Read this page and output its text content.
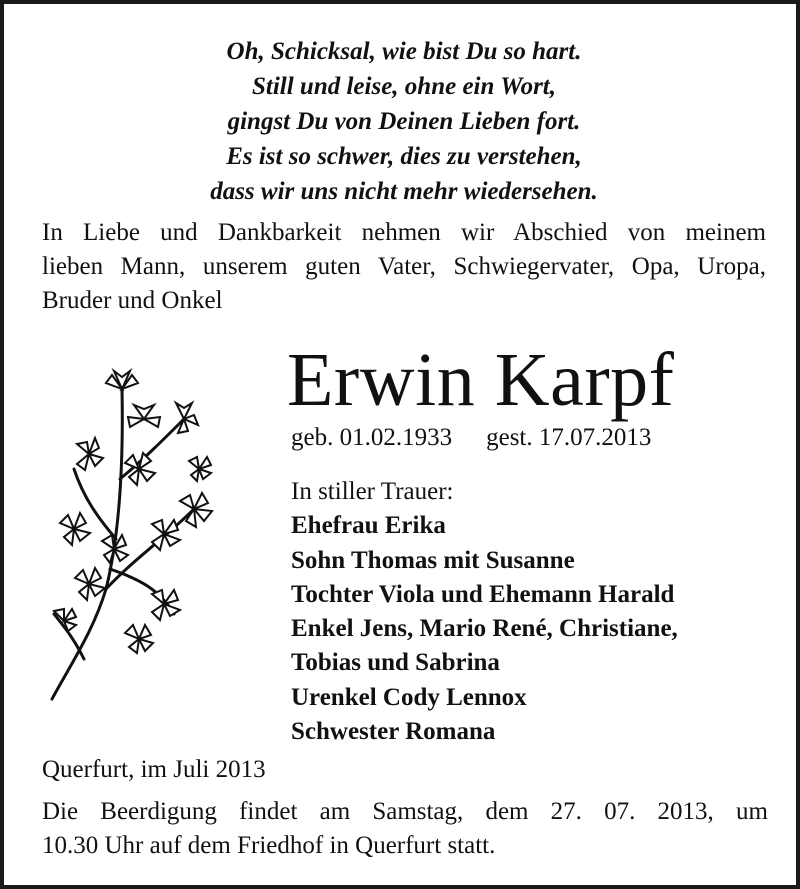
Oh, Schicksal, wie bist Du so hart.
Still und leise, ohne ein Wort,
gingst Du von Deinen Lieben fort.
Es ist so schwer, dies zu verstehen,
dass wir uns nicht mehr wiedersehen.
In Liebe und Dankbarkeit nehmen wir Abschied von meinem
lieben Mann, unserem guten Vater, Schwiegervater, Opa, Uropa,
Bruder und Onkel
Erwin Karpf
geb. 01.02.1933 gest. 17.07.2013
In stiller Trauer:
Ehefrau Erika
Sohn Thomas mit Susanne
Tochter Viola und Ehemann Harald
Enkel Jens, Mario René, Christiane,
Tobias und Sabrina
Urenkel Cody Lennox
Schwester Romana
Querfurt, im Juli 2013
Die Beerdigung findet am Samstag, dem 27. 07. 2013, um
10.30 Uhr auf dem Friedhof in Querfurt statt.
